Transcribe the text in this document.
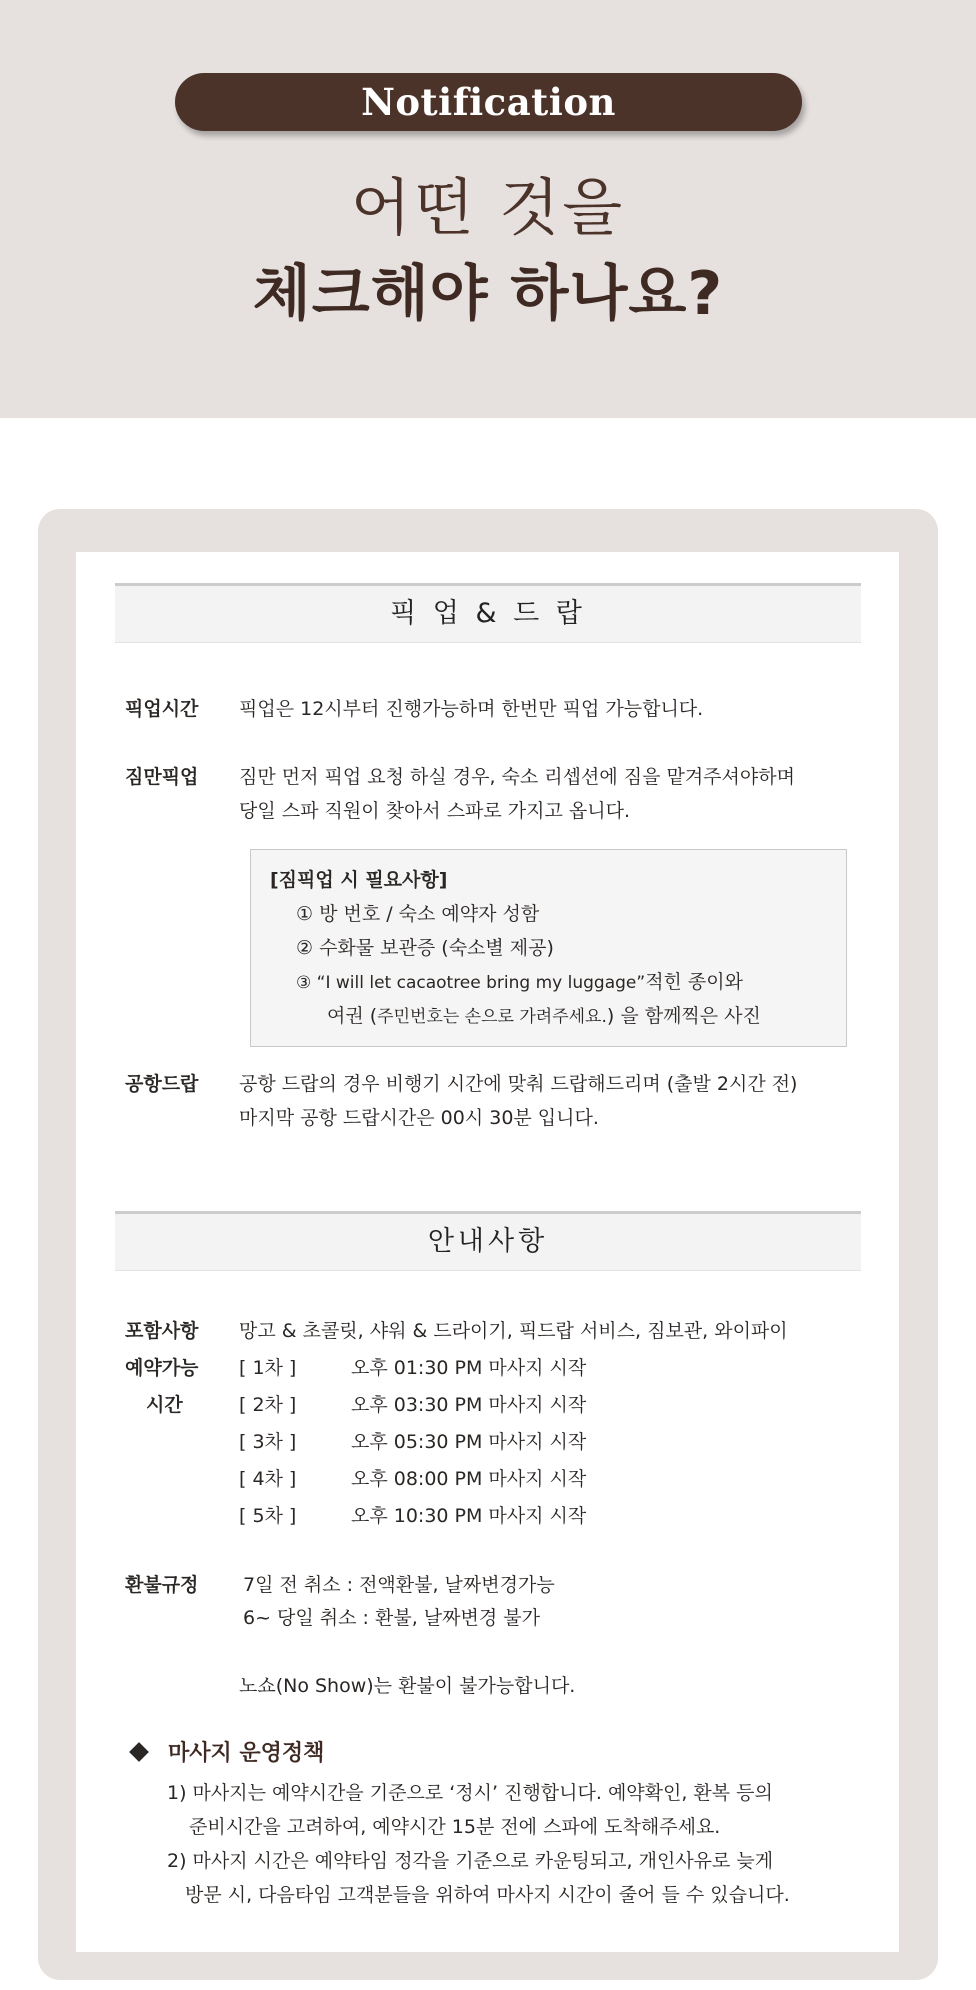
Notification
어떤 것을
체크해야 하나요?
픽 업 & 드 랍
픽업시간 픽업은 12시부터 진행가능하며 한번만 픽업 가능합니다.
짐만픽업 짐만 먼저 픽업 요청 하실 경우, 숙소 리셉션에 짐을 맡겨주셔야하며
당일 스파 직원이 찾아서 스파로 가지고 옵니다.
[짐픽업 시 필요사항]
① 방 번호 / 숙소 예약자 성함
② 수화물 보관증 (숙소별 제공)
③ “I will let cacaotree bring my luggage”적힌 종이와
여권 (주민번호는 손으로 가려주세요.) 을 함께찍은 사진
공항드랍 공항 드랍의 경우 비행기 시간에 맞춰 드랍해드리며 (출발 2시간 전)
마지막 공항 드랍시간은 00시 30분 입니다.
안내사항
포함사항 망고 & 초콜릿, 샤워 & 드라이기, 픽드랍 서비스, 짐보관, 와이파이
예약가능
시간
[ 1차 ]	오후 01:30 PM 마사지 시작
[ 2차 ]	오후 03:30 PM 마사지 시작
[ 3차 ]	오후 05:30 PM 마사지 시작
[ 4차 ]	오후 08:00 PM 마사지 시작
[ 5차 ]	오후 10:30 PM 마사지 시작
환불규정 7일 전 취소 : 전액환불, 날짜변경가능
6~ 당일 취소 : 환불, 날짜변경 불가
노쇼(No Show)는 환불이 불가능합니다.
마사지 운영정책
1) 마사지는 예약시간을 기준으로 ‘정시’ 진행합니다. 예약확인, 환복 등의
준비시간을 고려하여, 예약시간 15분 전에 스파에 도착해주세요.
2) 마사지 시간은 예약타임 정각을 기준으로 카운팅되고, 개인사유로 늦게
방문 시, 다음타임 고객분들을 위하여 마사지 시간이 줄어 들 수 있습니다.
